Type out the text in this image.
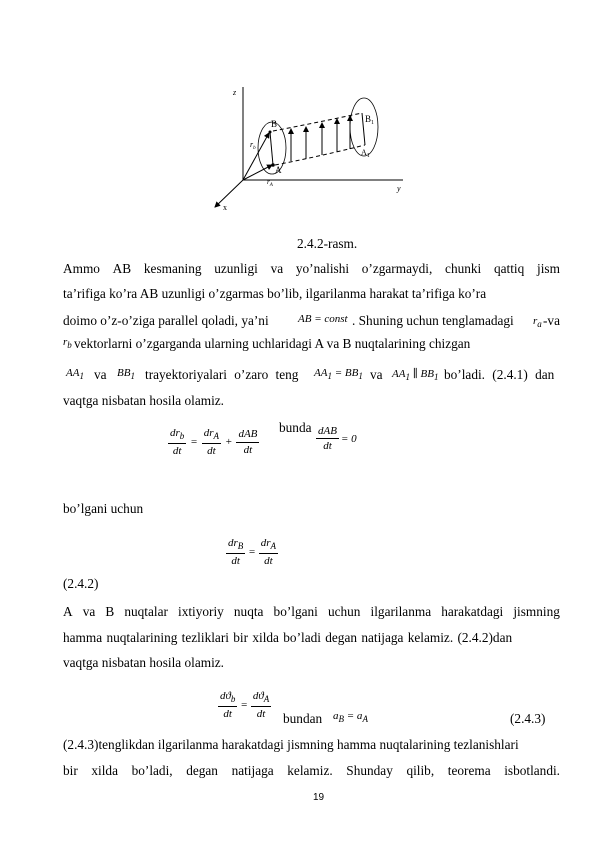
z
y
x
B
A
$B_1$
$A_1$
$r_b$
$r_A$
2.4.2-rasm.
Ammo AB kesmaning uzunligi va yo’nalishi o’zgarmaydi, chunki qattiq jism
ta’rifiga ko’ra AB uzunligi o’zgarmas bo’lib, ilgarilanma harakat ta’rifiga ko’ra
doimo o’z-o’ziga parallel qoladi, ya’ni	AB = const . Shuning uchun tenglamadagi $r_a$ -va
$r_b$ vektorlarni o’zgarganda ularning uchlaridagi A va B nuqtalarining chizgan
$AA_1$ va $BB_1$ trayektoriyalari o’zaro teng $AA_1 = BB_1$ va $AA_1$ ∥ $BB_1$ bo’ladi. (2.4.1) dan
vaqtga nisbatan hosila olamiz.
$\frac{dr_b}{dt} = \frac{dr_A}{dt} + \frac{\text{dAB}}{dt}$
bunda $\frac{\text{dAB}}{dt} = 0$
bo’lgani uchun
$\frac{dr_B}{dt} = \frac{dr_A}{dt}$
(2.4.2)
A va B nuqtalar ixtiyoriy nuqta bo’lgani uchun ilgarilanma harakatdagi jismning
hamma nuqtalarining tezliklari bir xilda bo’ladi degan natijaga kelamiz. (2.4.2)dan
vaqtga nisbatan hosila olamiz.
$\frac{dϑ_b}{dt} = \frac{dϑ_A}{dt}$ bundan $a_B = a_A$	(2.4.3)
(2.4.3)tenglikdan ilgarilanma harakatdagi jismning hamma nuqtalarining tezlanishlari
bir xilda bo’ladi, degan natijaga kelamiz. Shunday qilib, teorema isbotlandi.
19
